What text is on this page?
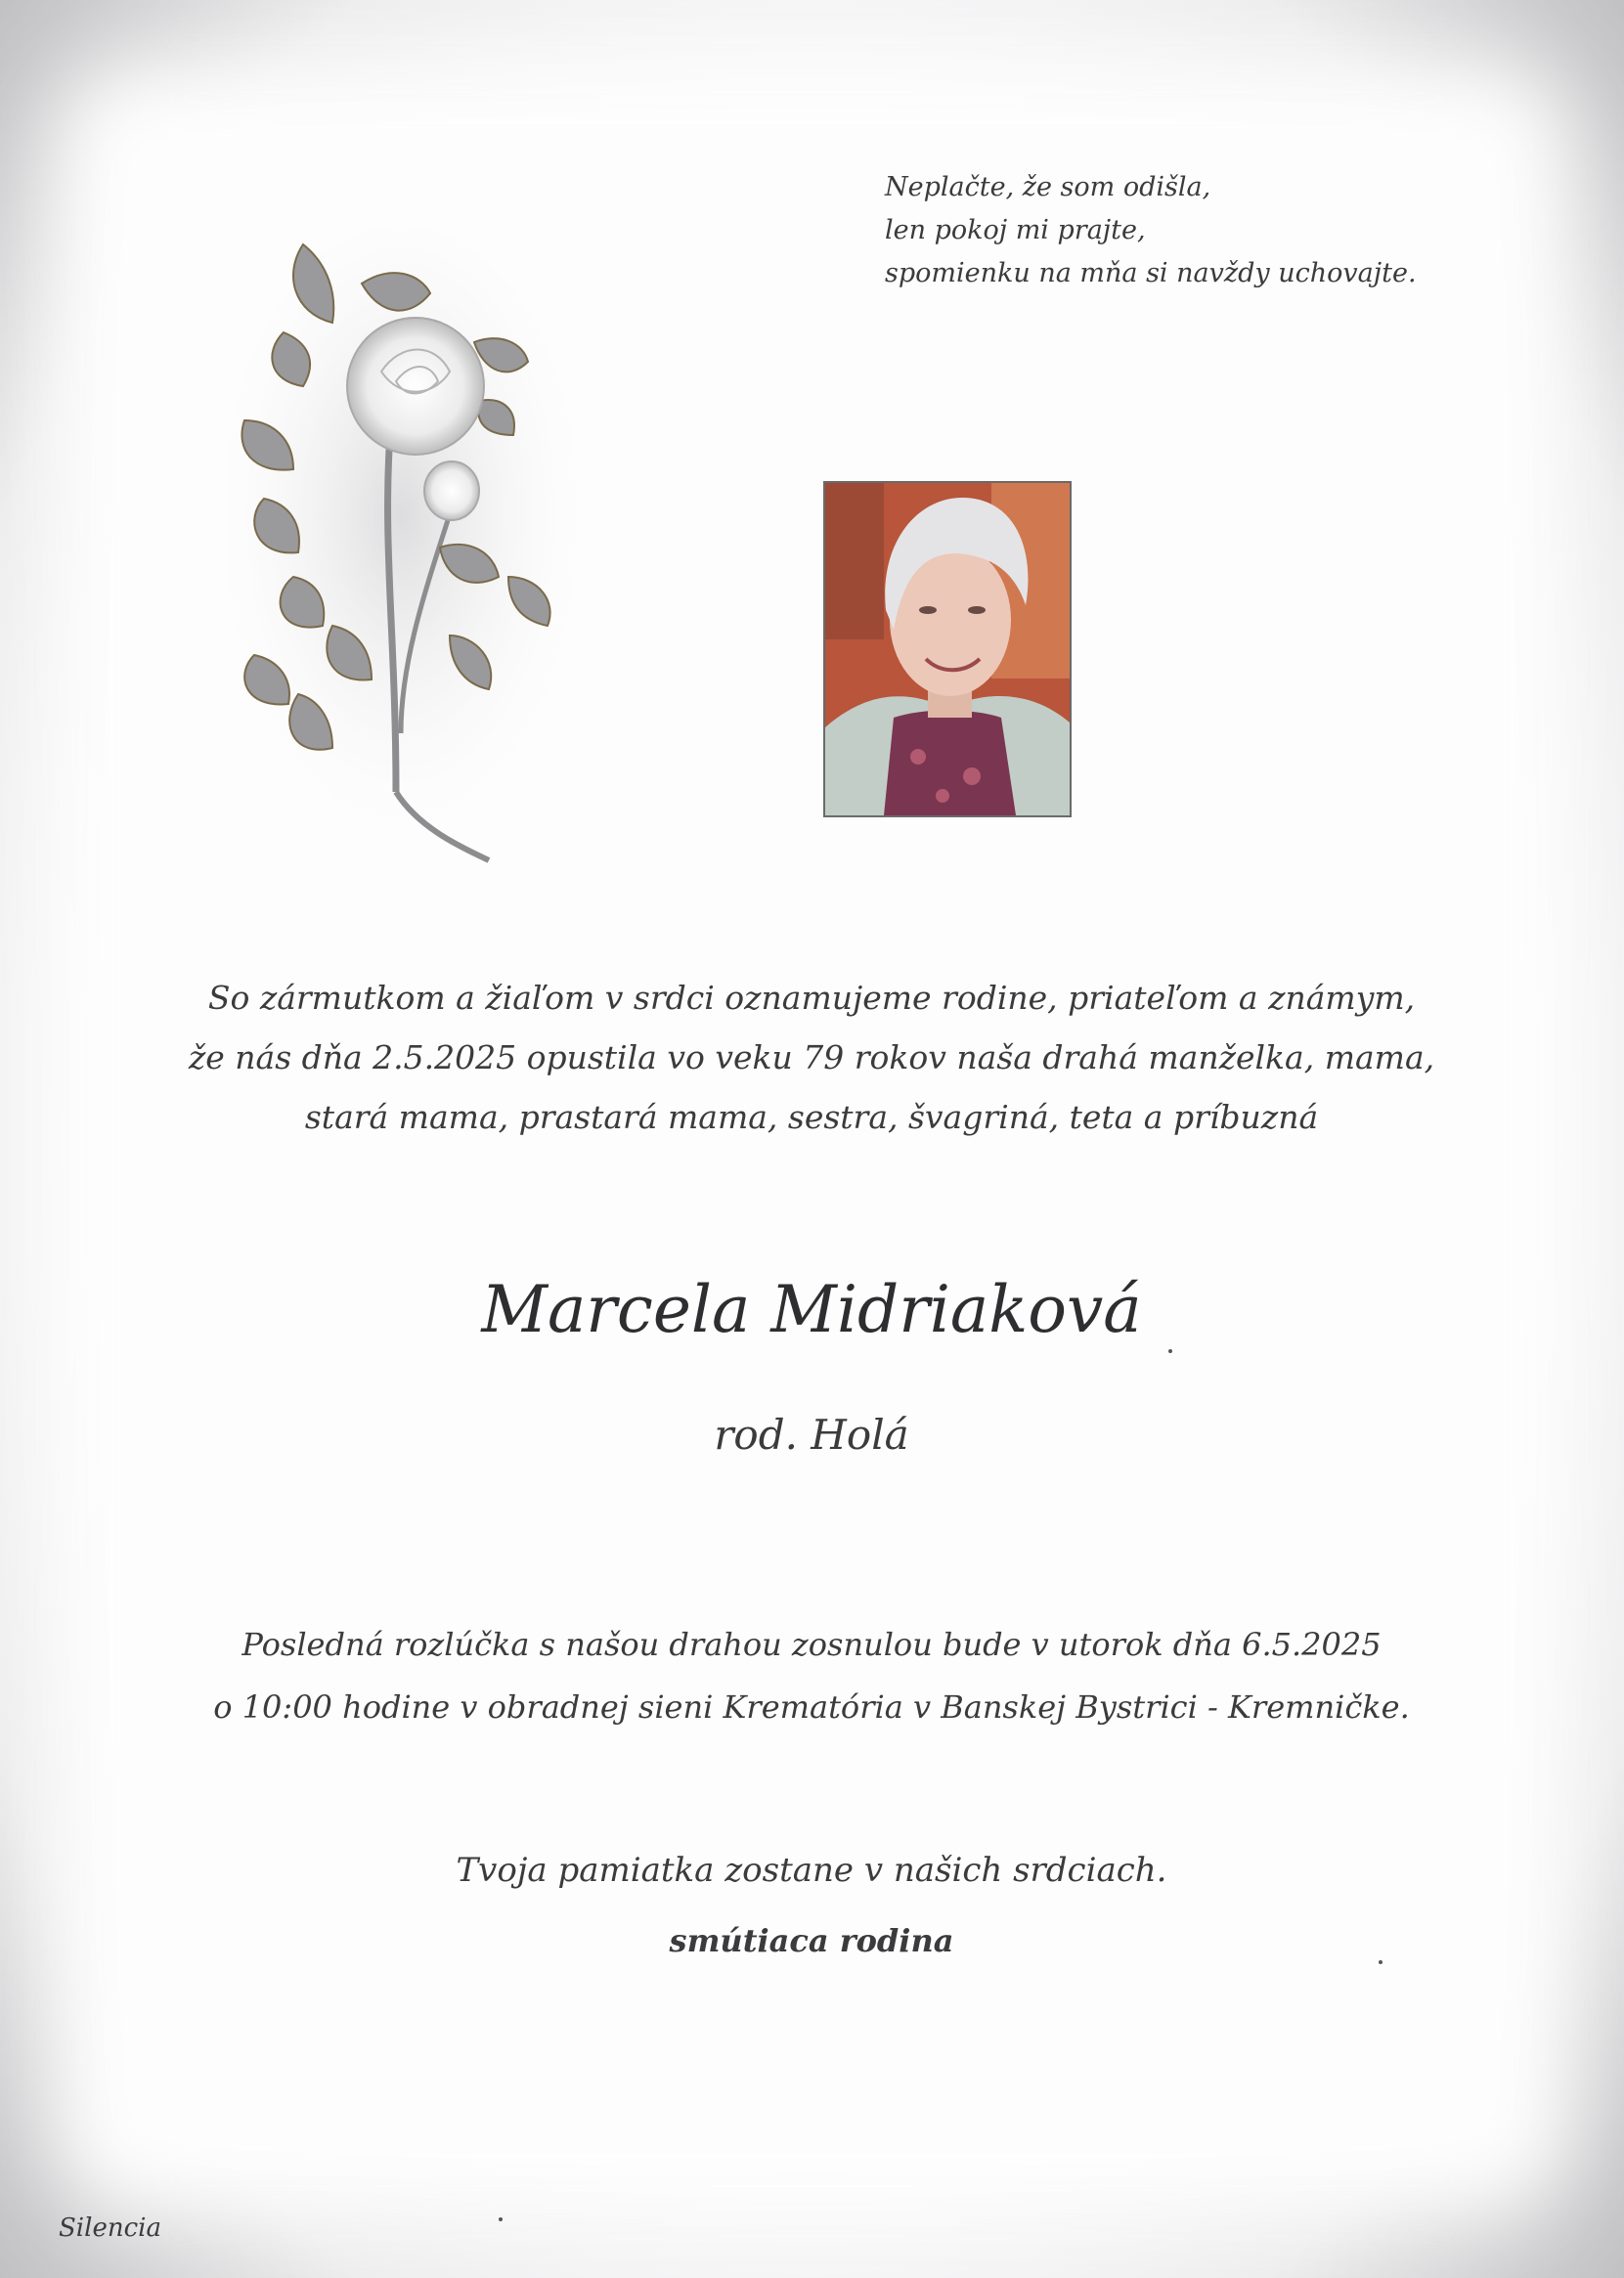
Neplačte, že som odišla,
len pokoj mi prajte,
spomienku na mňa si navždy uchovajte.
So zármutkom a žiaľom v srdci oznamujeme rodine, priateľom a známym,
že nás dňa 2.5.2025 opustila vo veku 79 rokov naša drahá manželka, mama,
stará mama, prastará mama, sestra, švagriná, teta a príbuzná
Marcela Midriaková
rod. Holá
Posledná rozlúčka s našou drahou zosnulou bude v utorok dňa 6.5.2025
o 10:00 hodine v obradnej sieni Krematória v Banskej Bystrici - Kremničke.
Tvoja pamiatka zostane v našich srdciach.
smútiaca rodina
Silencia
